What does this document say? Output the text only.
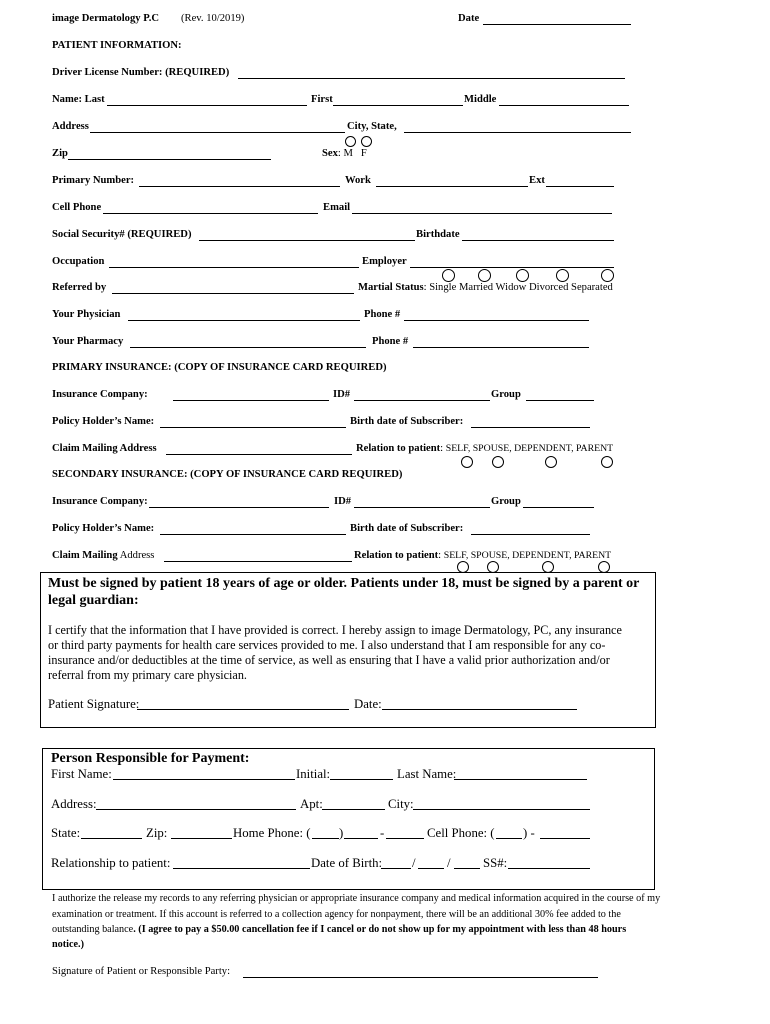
image Dermatology P.C (Rev. 10/2019)	Date
PATIENT INFORMATION:
Driver License Number: (REQUIRED)
Name: Last	First	Middle
Address	City, State,
Zip	Sex: M F
Primary Number:	Work	Ext
Cell Phone	Email
Social Security# (REQUIRED)	Birthdate
Occupation	Employer
Referred by	Martial Status: Single Married Widow Divorced Separated
Your Physician	Phone #
Your Pharmacy	Phone #
PRIMARY INSURANCE: (COPY OF INSURANCE CARD REQUIRED)
Insurance Company:	ID#	Group
Policy Holder’s Name:	Birth date of Subscriber:
Claim Mailing Address	Relation to patient: SELF, SPOUSE, DEPENDENT, PARENT
SECONDARY INSURANCE: (COPY OF INSURANCE CARD REQUIRED)
Insurance Company:	ID#	Group
Policy Holder’s Name:	Birth date of Subscriber:
Claim Mailing Address	Relation to patient: SELF, SPOUSE, DEPENDENT, PARENT
Must be signed by patient 18 years of age or older. Patients under 18, must be signed by a parent or
legal guardian:
I certify that the information that I have provided is correct. I hereby assign to image Dermatology, PC, any insurance
or third party payments for health care services provided to me. I also understand that I am responsible for any co-
insurance and/or deductibles at the time of service, as well as ensuring that I have a valid prior authorization and/or
referral from my primary care physician.
Patient Signature:	Date:
Person Responsible for Payment:
First Name:	Initial:	Last Name:
Address:	Apt:	City:
State:	Zip:	Home Phone: ( )	-	Cell Phone: ( ) -
Relationship to patient:	Date of Birth: / /	SS#:
I authorize the release my records to any referring physician or appropriate insurance company and medical information acquired in the course of my
examination or treatment. If this account is referred to a collection agency for nonpayment, there will be an additional 30% fee added to the
outstanding balance. (I agree to pay a $50.00 cancellation fee if I cancel or do not show up for my appointment with less than 48 hours
notice.)
Signature of Patient or Responsible Party:
